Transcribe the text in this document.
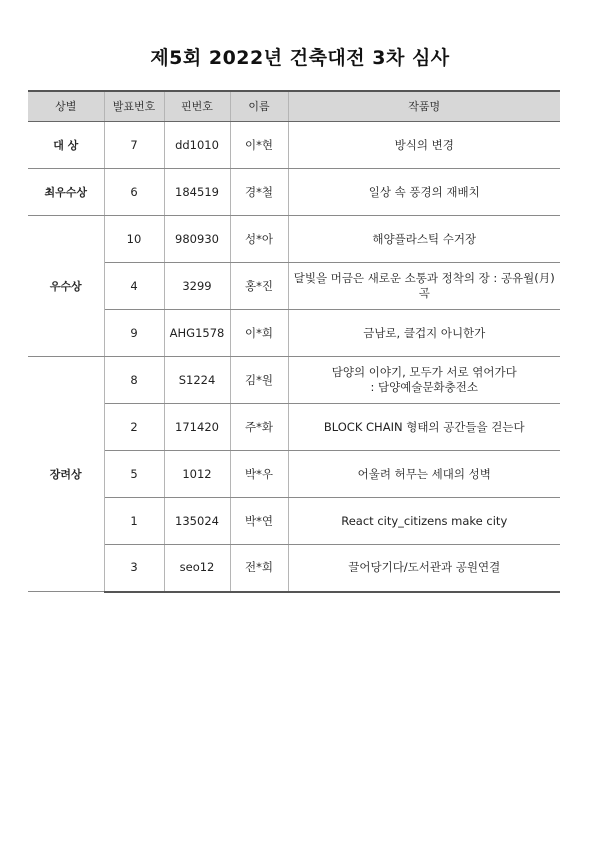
제5회 2022년 건축대전 3차 심사
상별	발표번호	핀번호	이름	작품명
대 상	7	dd1010	이*현	방식의 변경

최우수상	6	184519	경*철	일상 속 풍경의 재배치

우수상	10	980930	성*아	해양플라스틱 수거장

	4	3299	홍*진	달빛을 머금은 새로운 소통과 정착의 장 : 공유월(月)곡

	9	AHG1578	이*희	금남로, 클겁지 아니한가

장려상	8	S1224	김*원	담양의 이야기, 모두가 서로 엮어가다
: 담양예술문화충전소

	2	171420	주*화	BLOCK CHAIN 형태의 공간들을 걷는다

	5	1012	박*우	어울려 허무는 세대의 성벽

	1	135024	박*연	React city_citizens make city

	3	seo12	전*희	끌어당기다/도서관과 공원연결
